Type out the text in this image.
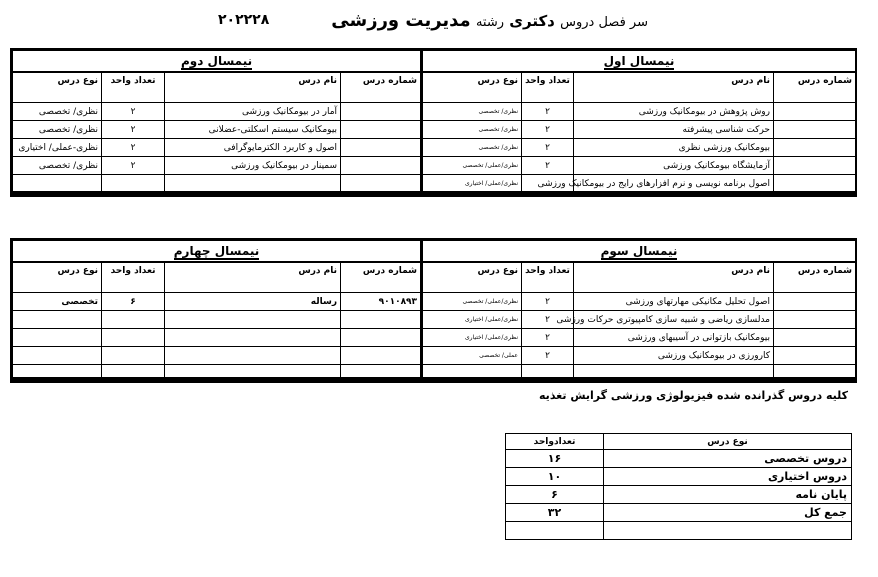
سر فصل دروس دکتری رشته مدیریت ورزشی
۲۰۲۲۲۸
نیمسال اول			
شماره درس	نام درس	تعداد واحد	نوع درس
	روش پژوهش در بیومکانیک ورزشی	۲	نظری/ تخصصی
	حرکت شناسی پیشرفته	۲	نظری/ تخصصی
	بیومکانیک ورزشی نظری	۲	نظری/ تخصصی
	آزمایشگاه بیومکانیک ورزشی	۲	نظری/عملی/ تخصصی
	اصول برنامه نویسی و نرم افزارهای رایج در بیومکانیک ورزشی		نظری/عملی/ اختیاری
نیمسال دوم			
شماره درس	نام درس	تعداد واحد	نوع درس
	آمار در بیومکانیک ورزشی	۲	نظری/ تخصصی
	بیومکانیک سیستم اسکلتی-عضلانی	۲	نظری/ تخصصی
	اصول و کاربرد الکترمایوگرافی	۲	نظری-عملی/ اختیاری
	سمینار در بیومکانیک ورزشی	۲	نظری/ تخصصی

نیمسال سوم			
شماره درس	نام درس	تعداد واحد	نوع درس
	اصول تحلیل مکانیکی مهارتهای ورزشی	۲	نظری/عملی/ تخصصی
	مدلسازی ریاضی و شبیه سازی کامپیوتری حرکات ورزشی	۲	نظری/عملی/ اختیاری
	بیومکانیک بازتوانی در آسیبهای ورزشی	۲	نظری/عملی/ اختیاری
	کارورزی در بیومکانیک ورزشی	۲	عملی/ تخصصی

نیمسال چهارم			
شماره درس	نام درس	تعداد واحد	نوع درس
۹۰۱۰۸۹۳	رساله	۶	تخصصی

کلیه دروس گذرانده شده فیزیولوژی ورزشی گرایش تغذیه
نوع درس	تعدادواحد
دروس تخصصی	۱۶
دروس اختیاری	۱۰
پایان نامه	۶
جمع کل	۳۲
